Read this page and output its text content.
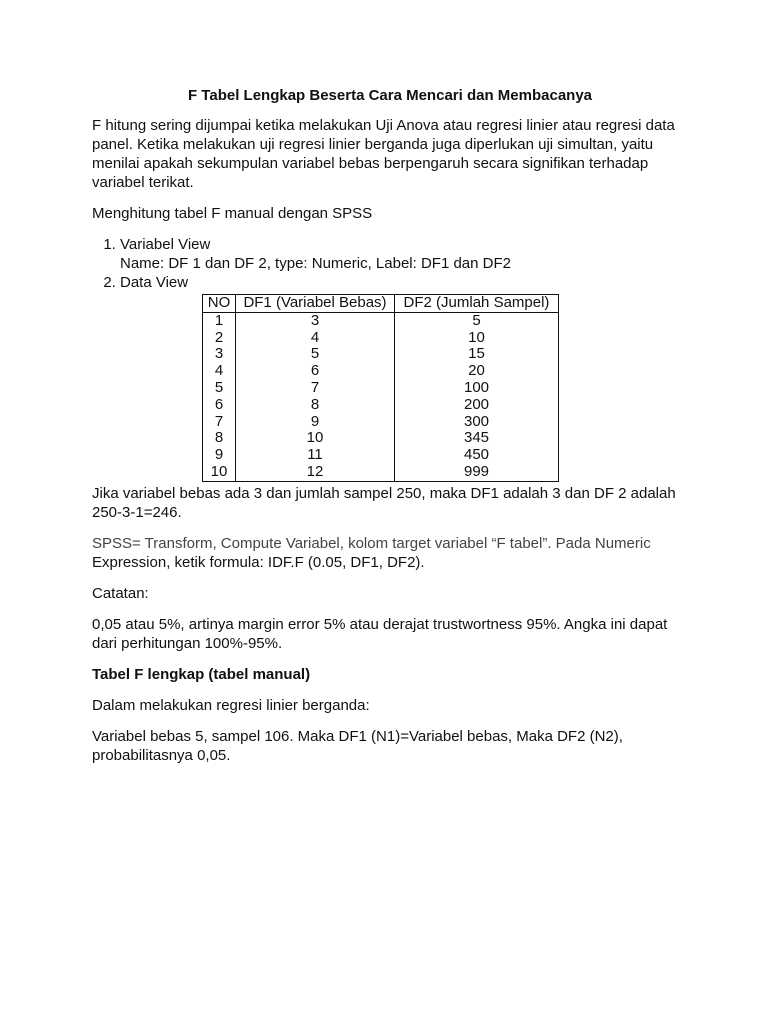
F Tabel Lengkap Beserta Cara Mencari dan Membacanya

F hitung sering dijumpai ketika melakukan Uji Anova atau regresi linier atau regresi data panel. Ketika melakukan uji regresi linier berganda juga diperlukan uji simultan, yaitu menilai apakah sekumpulan variabel bebas berpengaruh secara signifikan terhadap variabel terikat.

Menghitung tabel F manual dengan SPSS

1. Variabel View
Name: DF 1 dan DF 2, type: Numeric, Label: DF1 dan DF2
2. Data View
NO	DF1 (Variabel Bebas)	DF2 (Jumlah Sampel)
1	3	5
2	4	10
3	5	15
4	6	20
5	7	100
6	8	200
7	9	300
8	10	345
9	11	450
10	12	999

Jika variabel bebas ada 3 dan jumlah sampel 250, maka DF1 adalah 3 dan DF 2 adalah 250-3-1=246.

SPSS= Transform, Compute Variabel, kolom target variabel “F tabel”. Pada Numeric
Expression, ketik formula: IDF.F (0.05, DF1, DF2).

Catatan:

0,05 atau 5%, artinya margin error 5% atau derajat trustwortness 95%. Angka ini dapat dari perhitungan 100%-95%.

Tabel F lengkap (tabel manual)

Dalam melakukan regresi linier berganda:

Variabel bebas 5, sampel 106. Maka DF1 (N1)=Variabel bebas, Maka DF2 (N2), probabilitasnya 0,05.
